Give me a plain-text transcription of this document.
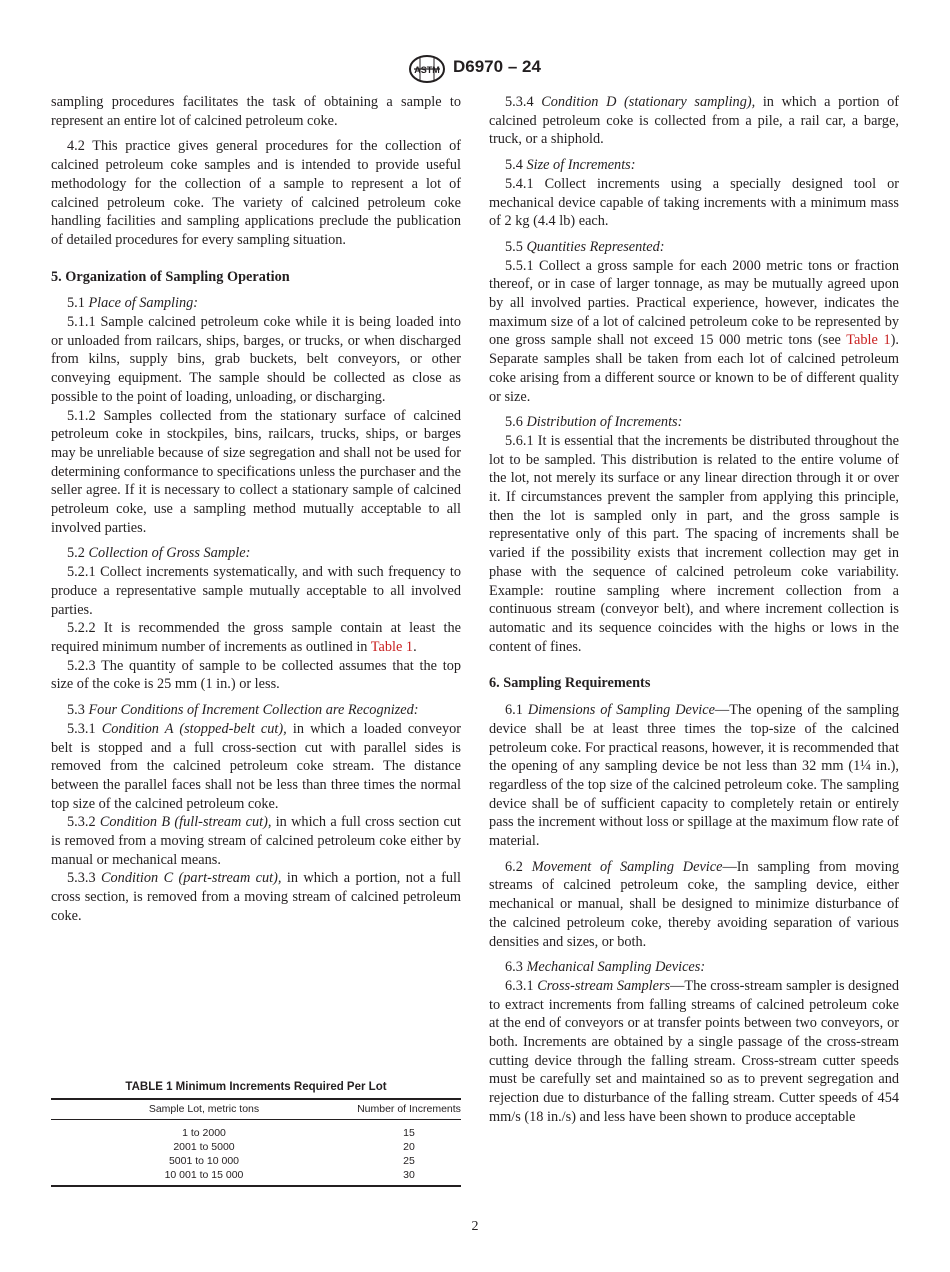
ASTM D6970 – 24

sampling procedures facilitates the task of obtaining a sample to represent an entire lot of calcined petroleum coke.

4.2 This practice gives general procedures for the collection of calcined petroleum coke samples and is intended to provide useful methodology for the collection of a sample to represent a lot of calcined petroleum coke. The variety of calcined petroleum coke handling facilities and sampling applications preclude the publication of detailed procedures for every sampling situation.

5. Organization of Sampling Operation

5.1 Place of Sampling:

5.1.1 Sample calcined petroleum coke while it is being loaded into or unloaded from railcars, ships, barges, or trucks, or when discharged from kilns, supply bins, grab buckets, belt conveyors, or other conveying equipment. The sample should be collected as close as possible to the point of loading, unloading, or discharging.

5.1.2 Samples collected from the stationary surface of calcined petroleum coke in stockpiles, bins, railcars, trucks, ships, or barges may be unreliable because of size segregation and shall not be used for determining conformance to specifications unless the purchaser and the seller agree. If it is necessary to collect a stationary sample of calcined petroleum coke, use a sampling method mutually acceptable to all involved parties.

5.2 Collection of Gross Sample:

5.2.1 Collect increments systematically, and with such frequency to produce a representative sample mutually acceptable to all involved parties.

5.2.2 It is recommended the gross sample contain at least the required minimum number of increments as outlined in Table 1.

5.2.3 The quantity of sample to be collected assumes that the top size of the coke is 25 mm (1 in.) or less.

5.3 Four Conditions of Increment Collection are Recognized:

5.3.1 Condition A (stopped-belt cut), in which a loaded conveyor belt is stopped and a full cross-section cut with parallel sides is removed from the calcined petroleum coke stream. The distance between the parallel faces shall not be less than three times the normal top size of the calcined petroleum coke.

5.3.2 Condition B (full-stream cut), in which a full cross section cut is removed from a moving stream of calcined petroleum coke either by manual or mechanical means.

5.3.3 Condition C (part-stream cut), in which a portion, not a full cross section, is removed from a moving stream of calcined petroleum coke.

TABLE 1 Minimum Increments Required Per Lot
Sample Lot, metric tons	Number of Increments
1 to 2000	15
2001 to 5000	20
5001 to 10 000	25
10 001 to 15 000	30

5.3.4 Condition D (stationary sampling), in which a portion of calcined petroleum coke is collected from a pile, a rail car, a barge, truck, or a shiphold.

5.4 Size of Increments:

5.4.1 Collect increments using a specially designed tool or mechanical device capable of taking increments with a minimum mass of 2 kg (4.4 lb) each.

5.5 Quantities Represented:

5.5.1 Collect a gross sample for each 2000 metric tons or fraction thereof, or in case of larger tonnage, as may be mutually agreed upon by all involved parties. Practical experience, however, indicates the maximum size of a lot of calcined petroleum coke to be represented by one gross sample shall not exceed 15 000 metric tons (see Table 1). Separate samples shall be taken from each lot of calcined petroleum coke arising from a different source or known to be of different quality or size.

5.6 Distribution of Increments:

5.6.1 It is essential that the increments be distributed throughout the lot to be sampled. This distribution is related to the entire volume of the lot, not merely its surface or any linear direction through it or over it. If circumstances prevent the sampler from applying this principle, then the lot is sampled only in part, and the gross sample is representative only of this part. The spacing of increments shall be varied if the possibility exists that increment collection may get in phase with the sequence of calcined petroleum coke variability. Example: routine sampling where increment collection from a continuous stream (conveyor belt), and where increment collection is automatic and its sequence coincides with the highs or lows in the content of fines.

6. Sampling Requirements

6.1 Dimensions of Sampling Device—The opening of the sampling device shall be at least three times the top-size of the calcined petroleum coke. For practical reasons, however, it is recommended that the opening of any sampling device be not less than 32 mm (1¼ in.), regardless of the top size of the calcined petroleum coke. The sampling device shall be of sufficient capacity to completely retain or entirely pass the increment without loss or spillage at the maximum flow rate of material.

6.2 Movement of Sampling Device—In sampling from moving streams of calcined petroleum coke, the sampling device, either mechanical or manual, shall be designed to minimize disturbance of the calcined petroleum coke, thereby avoiding separation of various densities and sizes, or both.

6.3 Mechanical Sampling Devices:

6.3.1 Cross-stream Samplers—The cross-stream sampler is designed to extract increments from falling streams of calcined petroleum coke at the end of conveyors or at transfer points between two conveyors, or both. Increments are obtained by a single passage of the cross-stream cutting device through the falling stream. Cross-stream cutter speeds must be carefully set and maintained so as to prevent segregation and rejection due to disturbance of the falling stream. Cutter speeds of 454 mm/s (18 in./s) and less have been shown to produce acceptable

2
